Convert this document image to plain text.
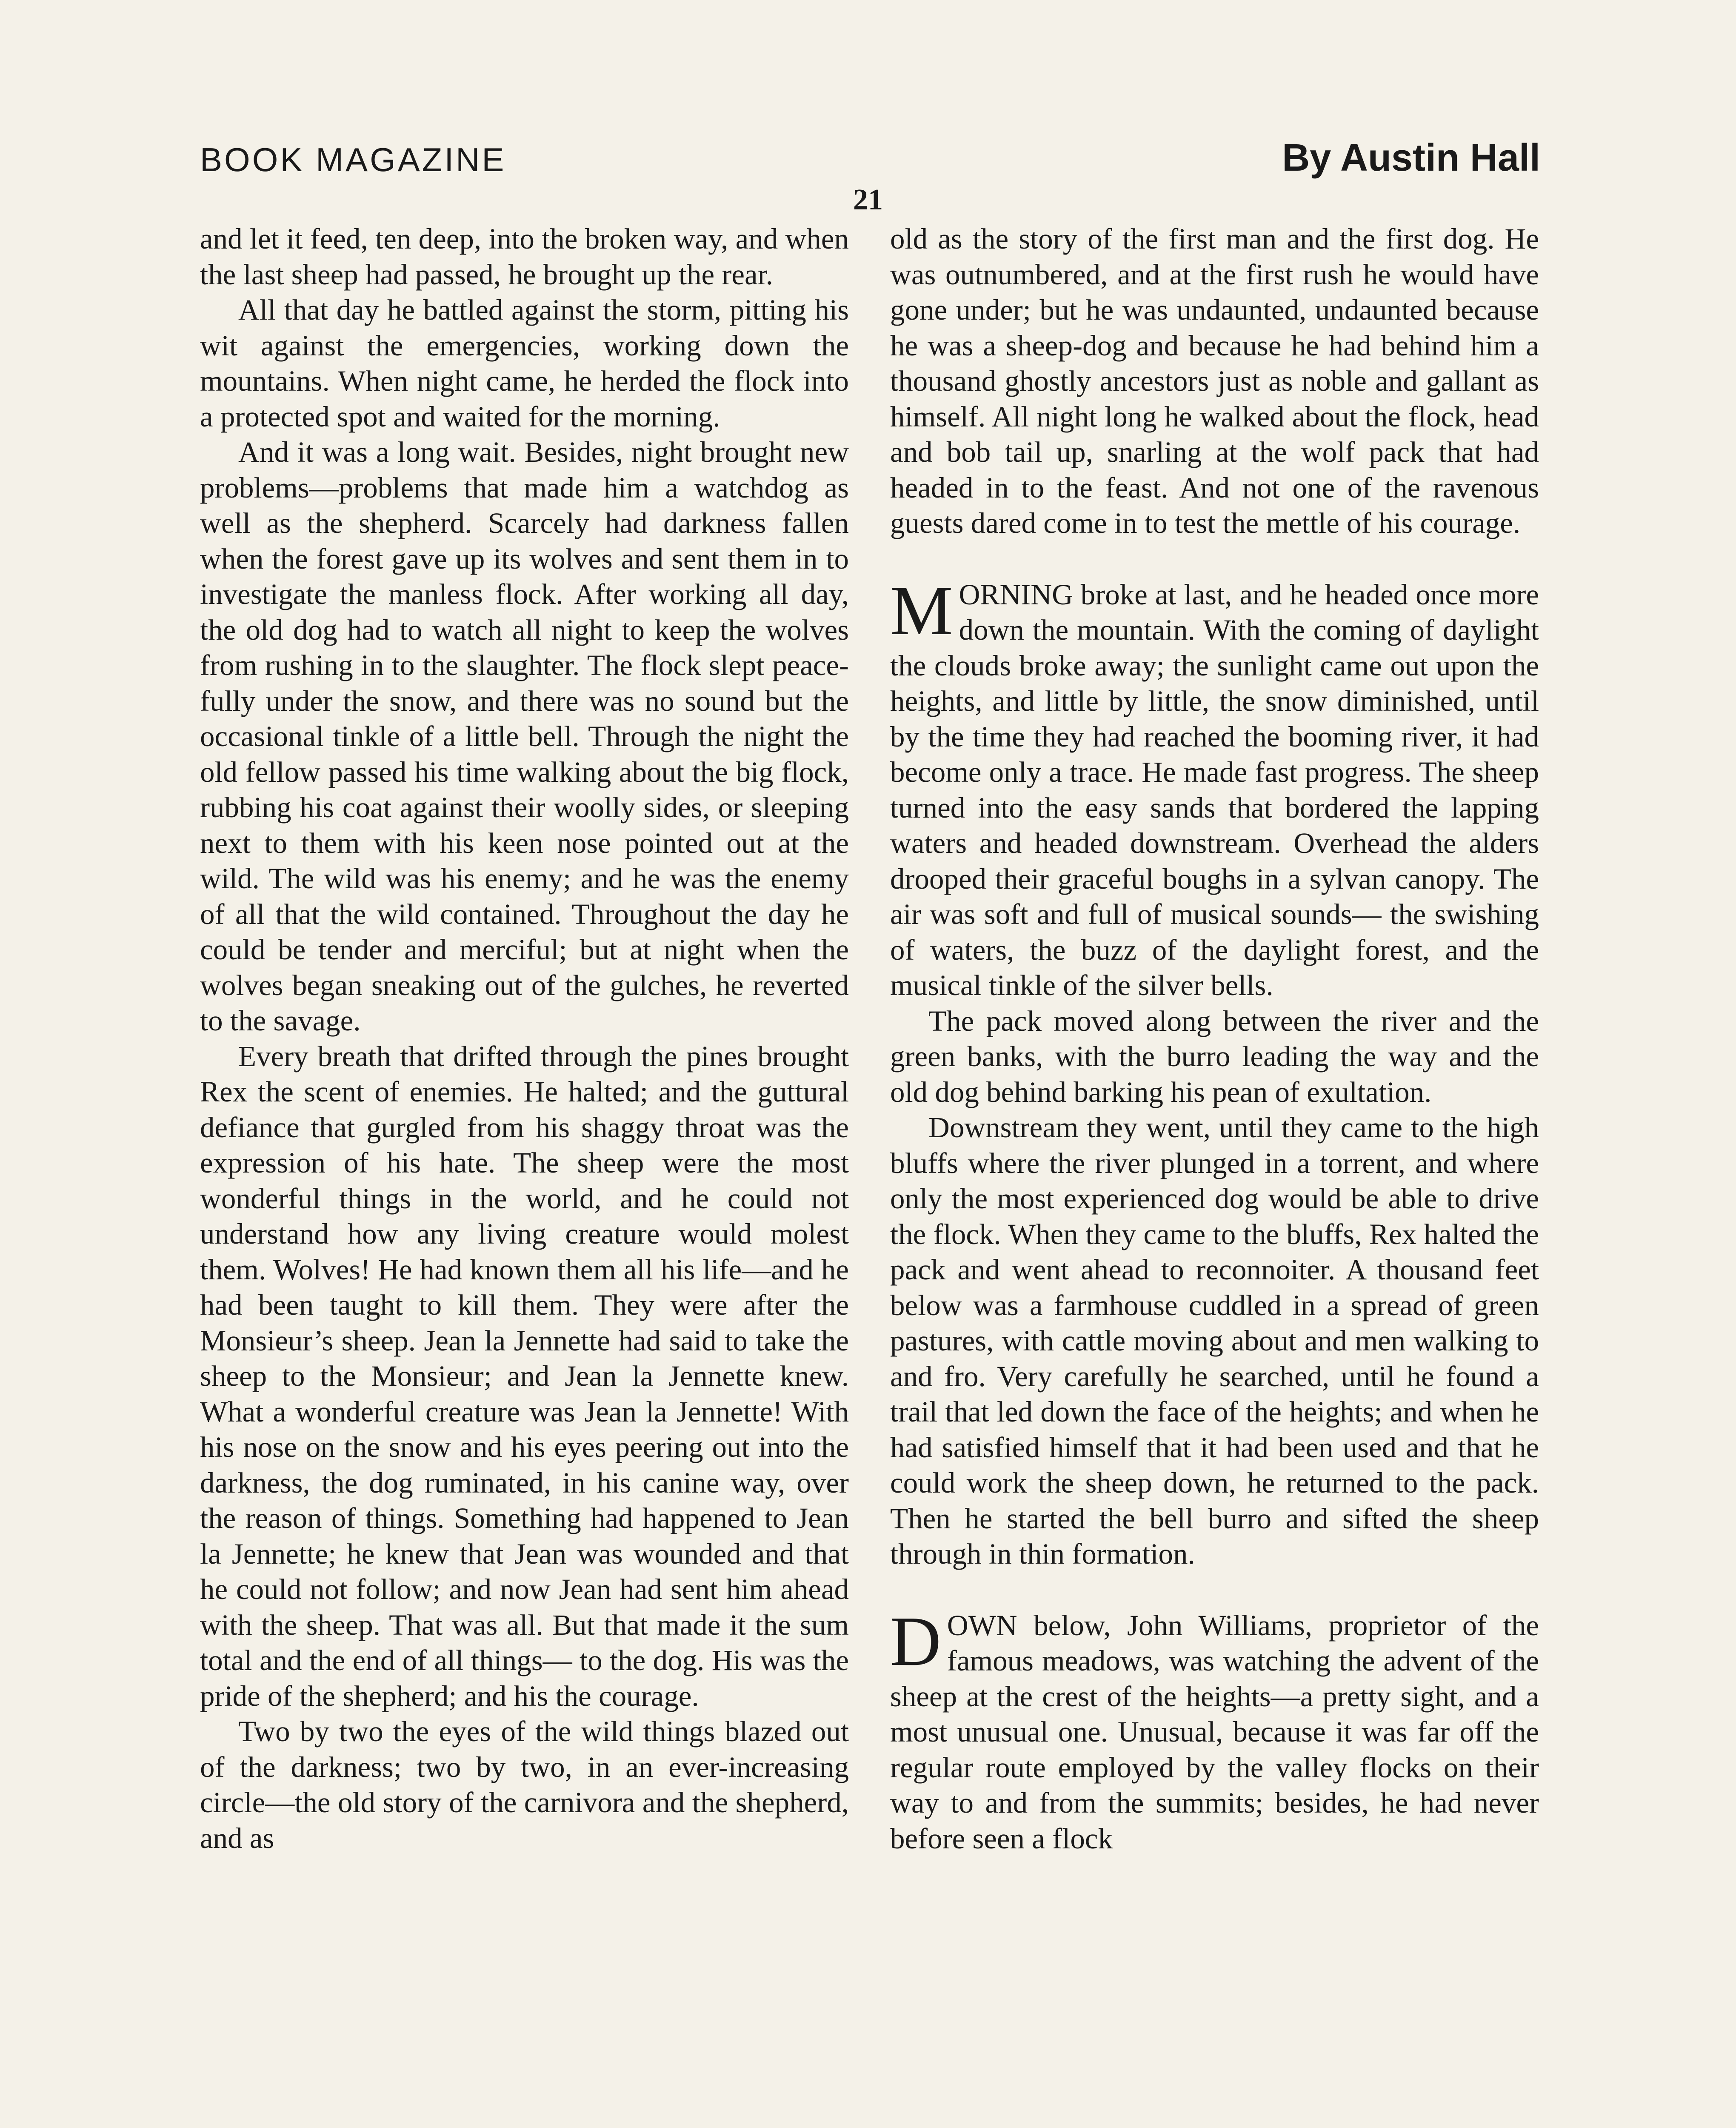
BOOK MAGAZINE	By Austin Hall
21

and let it feed, ten deep, into the broken way, and when the last sheep had passed, he brought up the rear.

All that day he battled against the storm, pitting his wit against the emergencies, working down the mountains. When night came, he herded the flock into a protected spot and waited for the morning.

And it was a long wait. Besides, night brought new problems—problems that made him a watchdog as well as the shepherd. Scarcely had darkness fallen when the forest gave up its wolves and sent them in to investigate the manless flock. After working all day, the old dog had to watch all night to keep the wolves from rushing in to the slaughter. The flock slept peacefully under the snow, and there was no sound but the occasional tinkle of a little bell. Through the night the old fellow passed his time walking about the big flock, rubbing his coat against their woolly sides, or sleeping next to them with his keen nose pointed out at the wild. The wild was his enemy; and he was the enemy of all that the wild contained. Throughout the day he could be tender and merciful; but at night when the wolves began sneaking out of the gulches, he reverted to the savage.

Every breath that drifted through the pines brought Rex the scent of enemies. He halted; and the guttural defiance that gurgled from his shaggy throat was the expression of his hate. The sheep were the most wonderful things in the world, and he could not understand how any living creature would molest them. Wolves! He had known them all his life—and he had been taught to kill them. They were after the Monsieur’s sheep. Jean la Jennette had said to take the sheep to the Monsieur; and Jean la Jennette knew. What a wonderful creature was Jean la Jennette! With his nose on the snow and his eyes peering out into the darkness, the dog ruminated, in his canine way, over the reason of things. Something had happened to Jean la Jennette; he knew that Jean was wounded and that he could not follow; and now Jean had sent him ahead with the sheep. That was all. But that made it the sum total and the end of all things— to the dog. His was the pride of the shepherd; and his the courage.

Two by two the eyes of the wild things blazed out of the darkness; two by two, in an ever-increasing circle—the old story of the carnivora and the shepherd, and as

old as the story of the first man and the first dog. He was outnumbered, and at the first rush he would have gone under; but he was undaunted, undaunted because he was a sheep-dog and because he had behind him a thousand ghostly ancestors just as noble and gallant as himself. All night long he walked about the flock, head and bob tail up, snarling at the wolf pack that had headed in to the feast. And not one of the ravenous guests dared come in to test the mettle of his courage.

MORNING broke at last, and he headed once more down the mountain. With the coming of daylight the clouds broke away; the sunlight came out upon the heights, and little by little, the snow diminished, until by the time they had reached the booming river, it had become only a trace. He made fast progress. The sheep turned into the easy sands that bordered the lapping waters and headed downstream. Overhead the alders drooped their graceful boughs in a sylvan canopy. The air was soft and full of musical sounds— the swishing of waters, the buzz of the daylight forest, and the musical tinkle of the silver bells.

The pack moved along between the river and the green banks, with the burro leading the way and the old dog behind barking his pean of exultation.

Downstream they went, until they came to the high bluffs where the river plunged in a torrent, and where only the most experienced dog would be able to drive the flock. When they came to the bluffs, Rex halted the pack and went ahead to reconnoiter. A thousand feet below was a farmhouse cuddled in a spread of green pastures, with cattle moving about and men walking to and fro. Very carefully he searched, until he found a trail that led down the face of the heights; and when he had satisfied himself that it had been used and that he could work the sheep down, he returned to the pack. Then he started the bell burro and sifted the sheep through in thin formation.

DOWN below, John Williams, proprietor of the famous meadows, was watching the advent of the sheep at the crest of the heights—a pretty sight, and a most unusual one. Unusual, because it was far off the regular route employed by the valley flocks on their way to and from the summits; besides, he had never before seen a flock
